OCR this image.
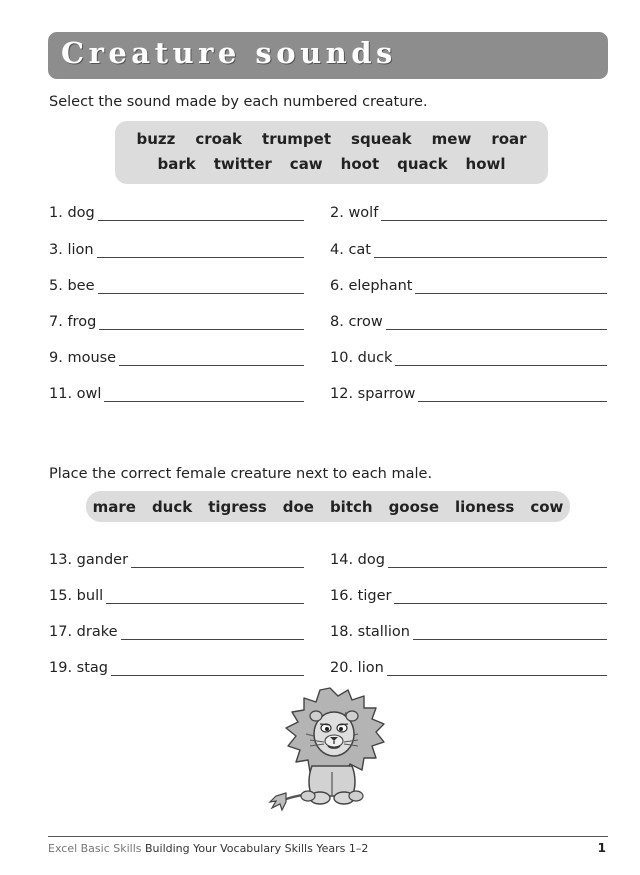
Creature sounds
Select the sound made by each numbered creature.
buzz croak trumpet squeak mew roar
bark twitter caw hoot quack howl
1. dog	2. wolf
3. lion	4. cat
5. bee	6. elephant
7. frog	8. crow
9. mouse	10. duck
11. owl	12. sparrow
Place the correct female creature next to each male.
mare duck tigress doe bitch goose lioness cow
13. gander	14. dog
15. bull	16. tiger
17. drake	18. stallion
19. stag	20. lion
Excel Basic Skills Building Your Vocabulary Skills Years 1–2	1
